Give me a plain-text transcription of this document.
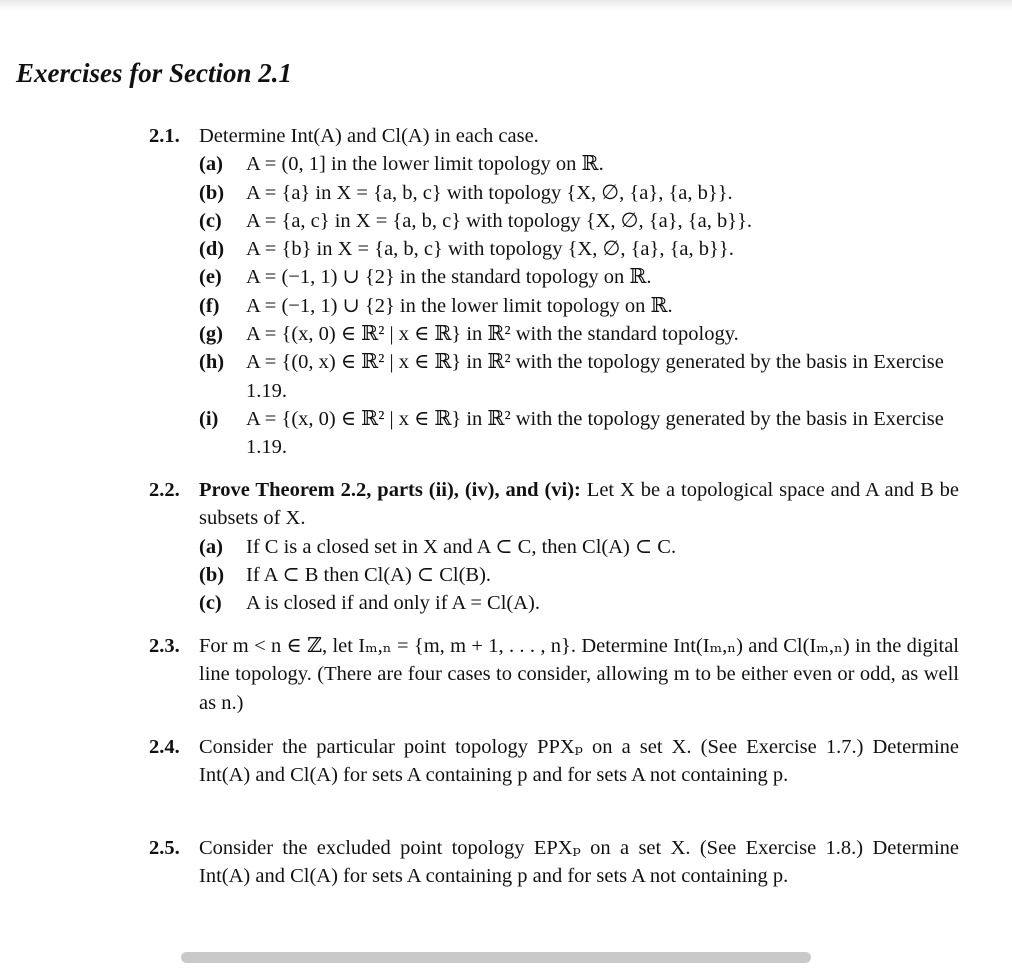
Exercises for Section 2.1
2.1. Determine Int(A) and Cl(A) in each case.
(a) A = (0, 1] in the lower limit topology on ℝ.
(b) A = {a} in X = {a, b, c} with topology {X, ∅, {a}, {a, b}}.
(c) A = {a, c} in X = {a, b, c} with topology {X, ∅, {a}, {a, b}}.
(d) A = {b} in X = {a, b, c} with topology {X, ∅, {a}, {a, b}}.
(e) A = (−1, 1) ∪ {2} in the standard topology on ℝ.
(f) A = (−1, 1) ∪ {2} in the lower limit topology on ℝ.
(g) A = {(x, 0) ∈ ℝ² | x ∈ ℝ} in ℝ² with the standard topology.
(h) A = {(0, x) ∈ ℝ² | x ∈ ℝ} in ℝ² with the topology generated by the basis in Exercise 1.19.
(i) A = {(x, 0) ∈ ℝ² | x ∈ ℝ} in ℝ² with the topology generated by the basis in Exercise 1.19.
2.2. Prove Theorem 2.2, parts (ii), (iv), and (vi): Let X be a topological space and A and B be subsets of X.
(a) If C is a closed set in X and A ⊂ C, then Cl(A) ⊂ C.
(b) If A ⊂ B then Cl(A) ⊂ Cl(B).
(c) A is closed if and only if A = Cl(A).
2.3. For m < n ∈ ℤ, let Iₘ,ₙ = {m, m + 1, . . . , n}. Determine Int(Iₘ,ₙ) and Cl(Iₘ,ₙ) in the digital line topology. (There are four cases to consider, allowing m to be either even or odd, as well as n.)
2.4. Consider the particular point topology PPXₚ on a set X. (See Exercise 1.7.) Determine Int(A) and Cl(A) for sets A containing p and for sets A not containing p.
2.5. Consider the excluded point topology EPXₚ on a set X. (See Exercise 1.8.) Determine Int(A) and Cl(A) for sets A containing p and for sets A not containing p.
